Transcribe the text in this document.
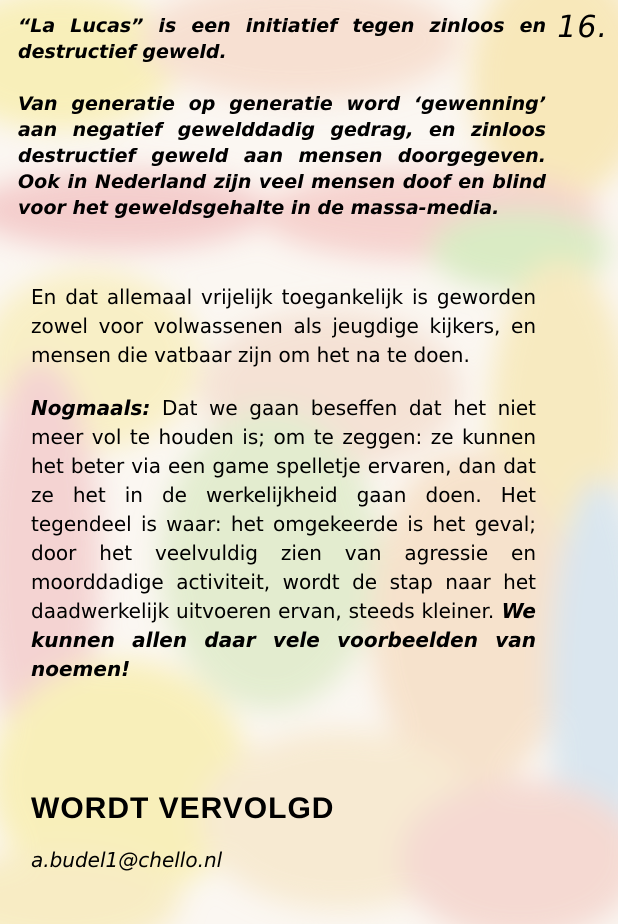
16.

“La Lucas” is een initiatief tegen zinloos en destructief geweld.

Van generatie op generatie word ‘gewenning’ aan negatief gewelddadig gedrag, en zinloos destructief geweld aan mensen doorgegeven. Ook in Nederland zijn veel mensen doof en blind voor het geweldsgehalte in de massa-media.

En dat allemaal vrijelijk toegankelijk is geworden zowel voor volwassenen als jeugdige kijkers, en mensen die vatbaar zijn om het na te doen.

Nogmaals: Dat we gaan beseffen dat het niet meer vol te houden is; om te zeggen: ze kunnen het beter via een game spelletje ervaren, dan dat ze het in de werkelijkheid gaan doen. Het tegendeel is waar: het omgekeerde is het geval; door het veelvuldig zien van agressie en moorddadige activiteit, wordt de stap naar het daadwerkelijk uitvoeren ervan, steeds kleiner. We kunnen allen daar vele voorbeelden van noemen!

WORDT VERVOLGD
a.budel1@chello.nl
